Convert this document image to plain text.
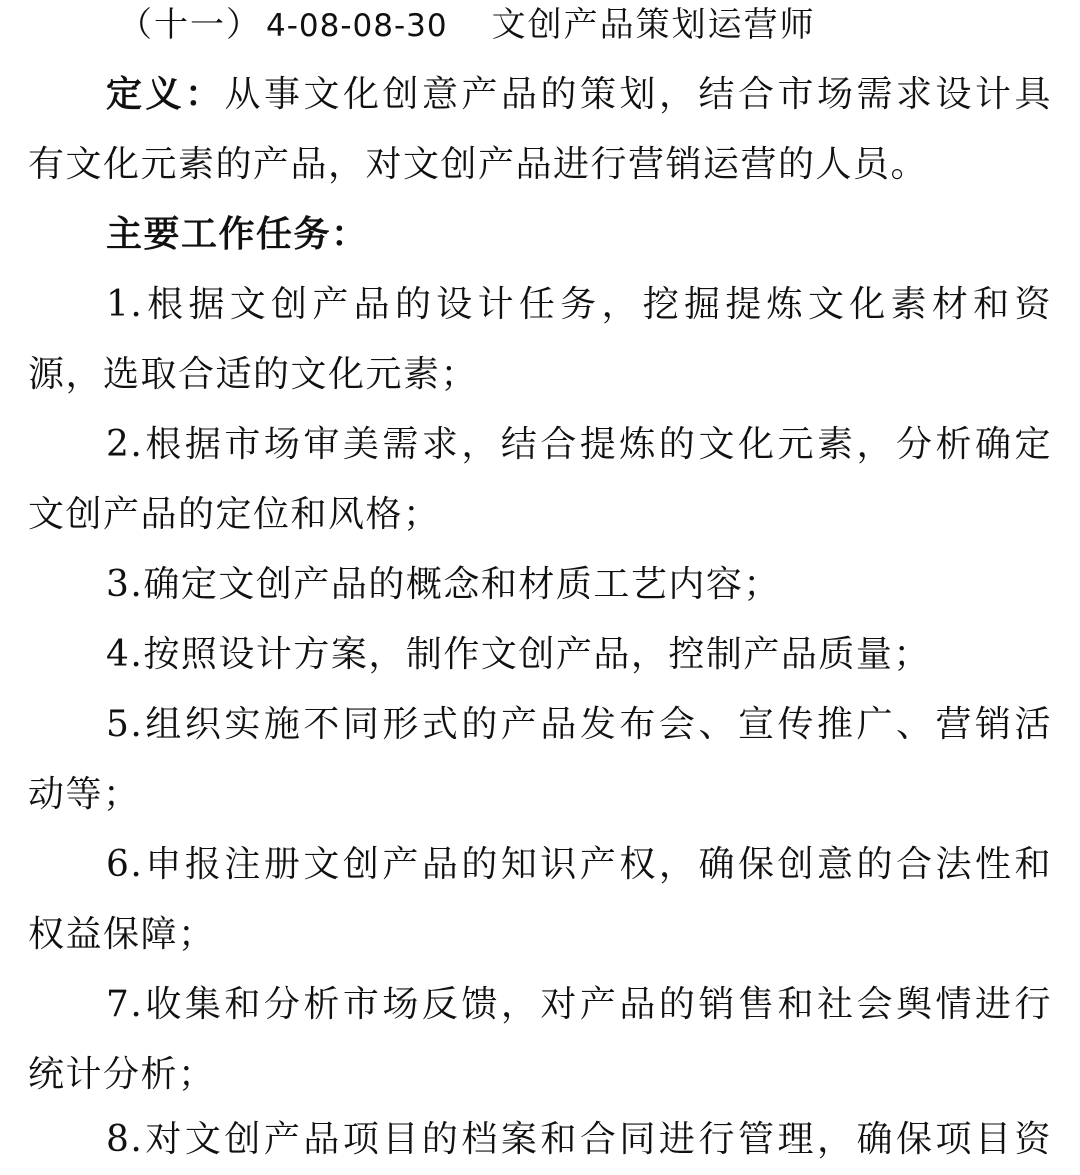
（十一） 4-08-08-30 文创产品策划运营师
定义：从事文化创意产品的策划，结合市场需求设计具
有文化元素的产品，对文创产品进行营销运营的人员。
主要工作任务：
1.根据文创产品的设计任务，挖掘提炼文化素材和资
源，选取合适的文化元素；
2.根据市场审美需求，结合提炼的文化元素，分析确定
文创产品的定位和风格；
3.确定文创产品的概念和材质工艺内容；
4.按照设计方案，制作文创产品，控制产品质量；
5.组织实施不同形式的产品发布会、宣传推广、营销活
动等；
6.申报注册文创产品的知识产权，确保创意的合法性和
权益保障；
7.收集和分析市场反馈，对产品的销售和社会舆情进行
统计分析；
8.对文创产品项目的档案和合同进行管理，确保项目资
